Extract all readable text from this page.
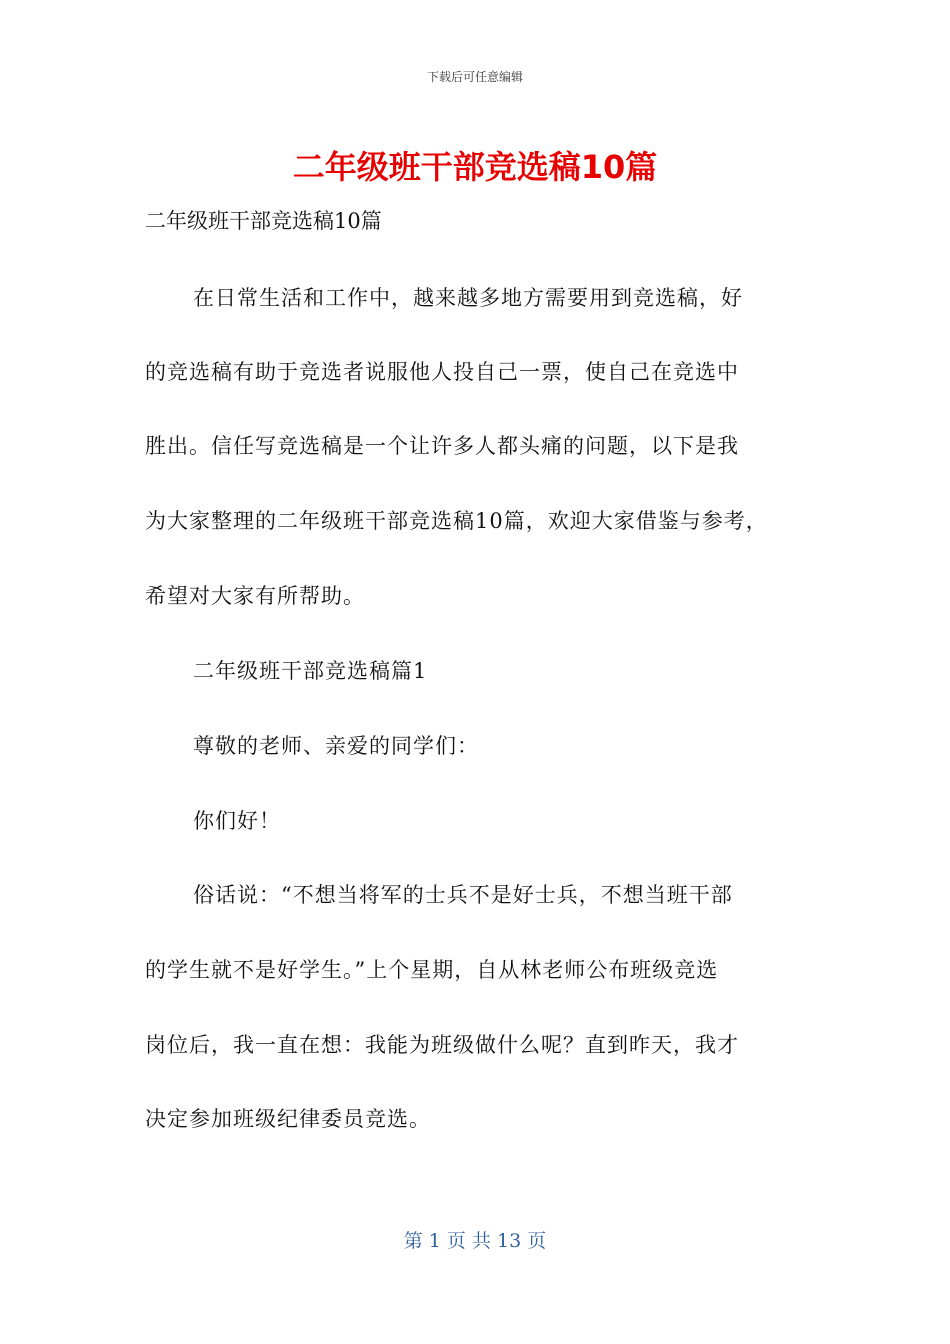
下载后可任意编辑
二年级班干部竞选稿10篇
二年级班干部竞选稿10篇
在日常生活和工作中，越来越多地方需要用到竞选稿，好
的竞选稿有助于竞选者说服他人投自己一票，使自己在竞选中
胜出。信任写竞选稿是一个让许多人都头痛的问题，以下是我
为大家整理的二年级班干部竞选稿10篇，欢迎大家借鉴与参考，
希望对大家有所帮助。
二年级班干部竞选稿篇1
尊敬的老师、亲爱的同学们：
你们好！
俗话说：“不想当将军的士兵不是好士兵，不想当班干部
的学生就不是好学生。”上个星期，自从林老师公布班级竞选
岗位后，我一直在想：我能为班级做什么呢？直到昨天，我才
决定参加班级纪律委员竞选。
第 1 页 共 13 页
